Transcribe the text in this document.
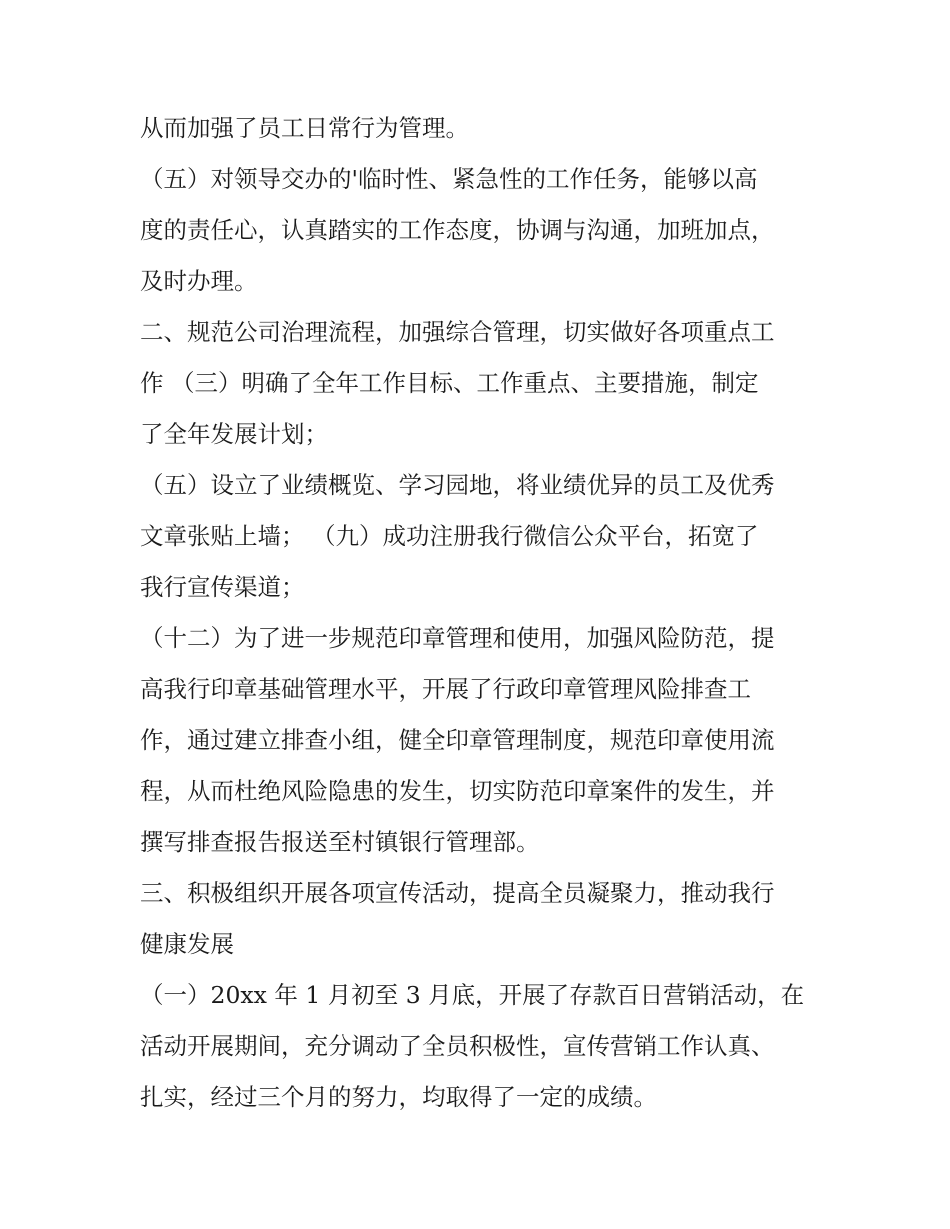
从而加强了员工日常行为管理。
（五）对领导交办的'临时性、紧急性的工作任务，能够以高
度的责任心，认真踏实的工作态度，协调与沟通，加班加点，
及时办理。
二、规范公司治理流程，加强综合管理，切实做好各项重点工
作 （三）明确了全年工作目标、工作重点、主要措施，制定
了全年发展计划；
（五）设立了业绩概览、学习园地，将业绩优异的员工及优秀
文章张贴上墙； （九）成功注册我行微信公众平台，拓宽了
我行宣传渠道；
（十二）为了进一步规范印章管理和使用，加强风险防范，提
高我行印章基础管理水平，开展了行政印章管理风险排查工
作，通过建立排查小组，健全印章管理制度，规范印章使用流
程，从而杜绝风险隐患的发生，切实防范印章案件的发生，并
撰写排查报告报送至村镇银行管理部。
三、积极组织开展各项宣传活动，提高全员凝聚力，推动我行
健康发展
（一）20xx 年 1 月初至 3 月底，开展了存款百日营销活动，在
活动开展期间，充分调动了全员积极性，宣传营销工作认真、
扎实，经过三个月的努力，均取得了一定的成绩。
